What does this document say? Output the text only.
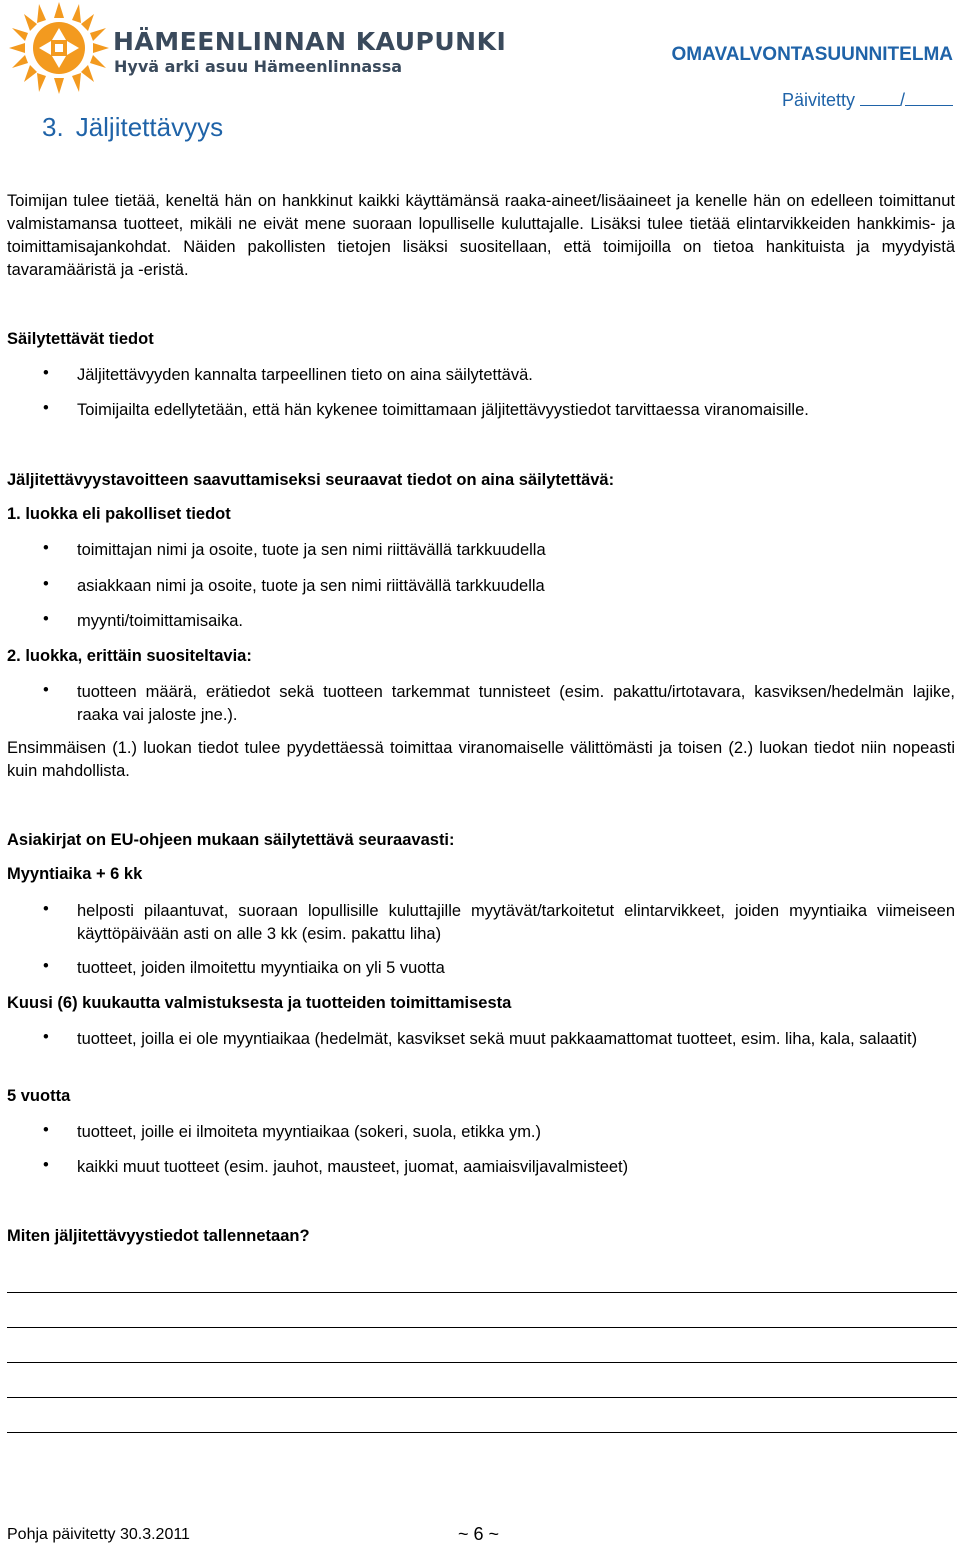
HÄMEENLINNAN KAUPUNKI
Hyvä arki asuu Hämeenlinnassa
OMAVALVONTASUUNNITELMA
Päivitetty	/
3. Jäljitettävyys
Toimijan tulee tietää, keneltä hän on hankkinut kaikki käyttämänsä raaka-aineet/lisäaineet ja kenelle hän on edelleen toimittanut valmistamansa tuotteet, mikäli ne eivät mene suoraan lopulliselle kuluttajalle. Lisäksi tulee tietää elintarvikkeiden hankkimis- ja toimittamisajankohdat. Näiden pakollisten tietojen lisäksi suositellaan, että toimijoilla on tietoa hankituista ja myydyistä tavaramääristä ja -eristä.
Säilytettävät tiedot
• Jäljitettävyyden kannalta tarpeellinen tieto on aina säilytettävä.
• Toimijailta edellytetään, että hän kykenee toimittamaan jäljitettävyystiedot tarvittaessa viranomaisille.
Jäljitettävyystavoitteen saavuttamiseksi seuraavat tiedot on aina säilytettävä:
1. luokka eli pakolliset tiedot
• toimittajan nimi ja osoite, tuote ja sen nimi riittävällä tarkkuudella
• asiakkaan nimi ja osoite, tuote ja sen nimi riittävällä tarkkuudella
• myynti/toimittamisaika.
2. luokka, erittäin suositeltavia:
• tuotteen määrä, erätiedot sekä tuotteen tarkemmat tunnisteet (esim. pakattu/irtotavara, kasviksen/hedelmän lajike, raaka vai jaloste jne.).
Ensimmäisen (1.) luokan tiedot tulee pyydettäessä toimittaa viranomaiselle välittömästi ja toisen (2.) luokan tiedot niin nopeasti kuin mahdollista.
Asiakirjat on EU-ohjeen mukaan säilytettävä seuraavasti:
Myyntiaika + 6 kk
• helposti pilaantuvat, suoraan lopullisille kuluttajille myytävät/tarkoitetut elintarvikkeet, joiden myyntiaika viimeiseen käyttöpäivään asti on alle 3 kk (esim. pakattu liha)
• tuotteet, joiden ilmoitettu myyntiaika on yli 5 vuotta
Kuusi (6) kuukautta valmistuksesta ja tuotteiden toimittamisesta
• tuotteet, joilla ei ole myyntiaikaa (hedelmät, kasvikset sekä muut pakkaamattomat tuotteet, esim. liha, kala, salaatit)
5 vuotta
• tuotteet, joille ei ilmoiteta myyntiaikaa (sokeri, suola, etikka ym.)
• kaikki muut tuotteet (esim. jauhot, mausteet, juomat, aamiaisviljavalmisteet)
Miten jäljitettävyystiedot tallennetaan?
Pohja päivitetty 30.3.2011	~ 6 ~
